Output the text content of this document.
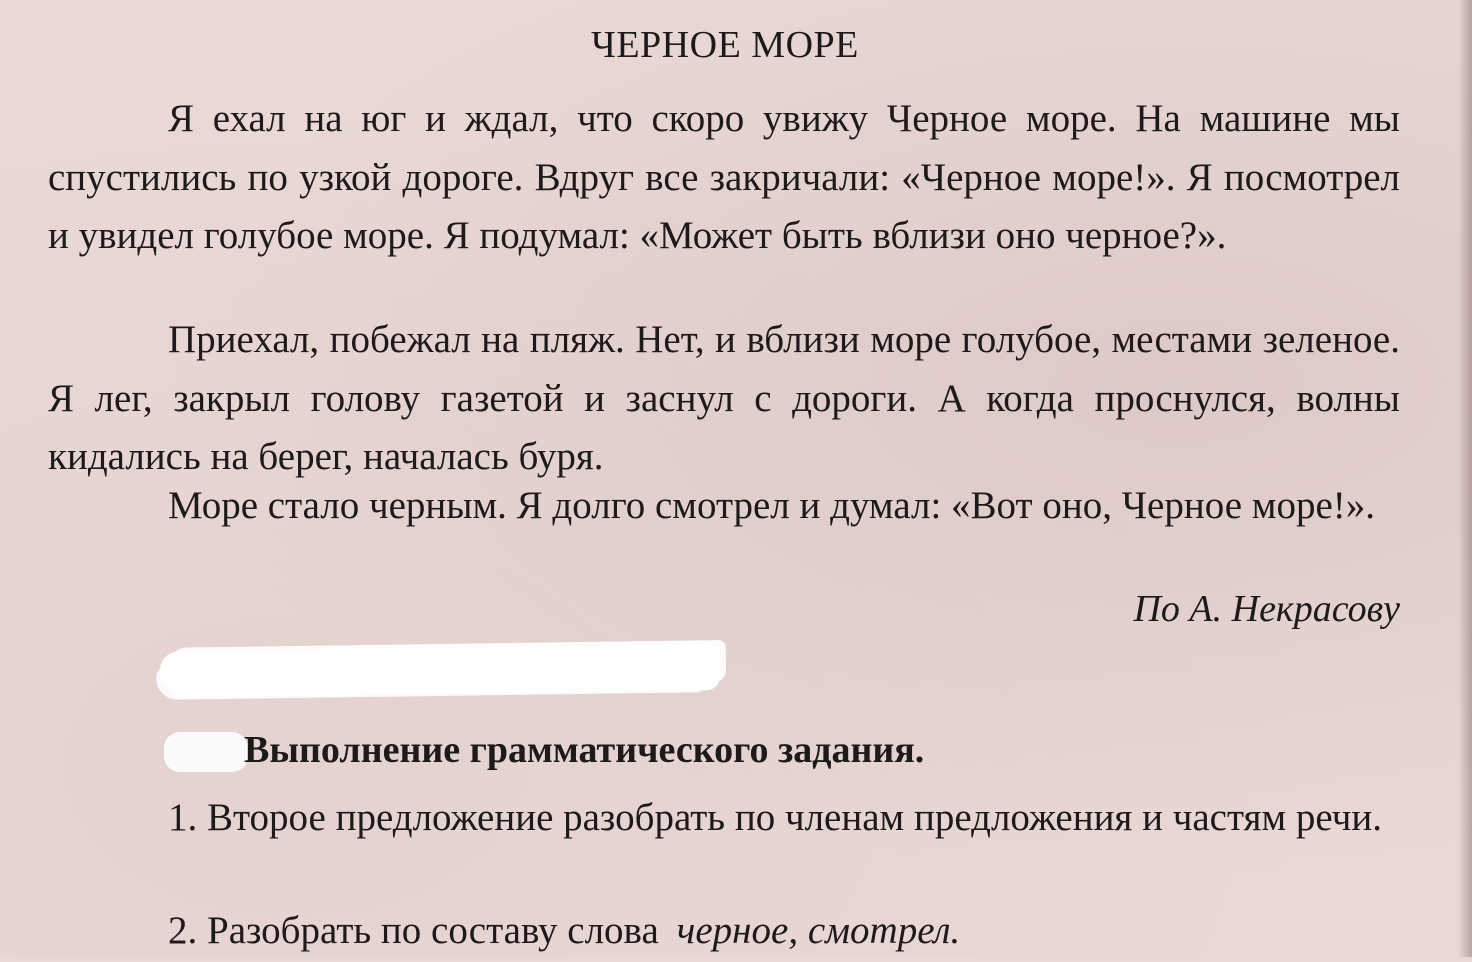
ЧЕРНОЕ МОРЕ

Я ехал на юг и ждал, что скоро увижу Черное море. На машине мы спустились по узкой дороге. Вдруг все закричали: «Черное море!». Я посмотрел и увидел голубое море. Я подумал: «Может быть вблизи оно черное?».

Приехал, побежал на пляж. Нет, и вблизи море голубое, местами зеленое. Я лег, закрыл голову газетой и заснул с дороги. А когда проснулся, волны кидались на берег, началась буря.

Море стало черным. Я долго смотрел и думал: «Вот оно, Черное море!».

По А. Некрасову
Выполнение грамматического задания.

1. Второе предложение разобрать по членам предложения и частям речи.

2. Разобрать по составу слова черное, смотрел.
